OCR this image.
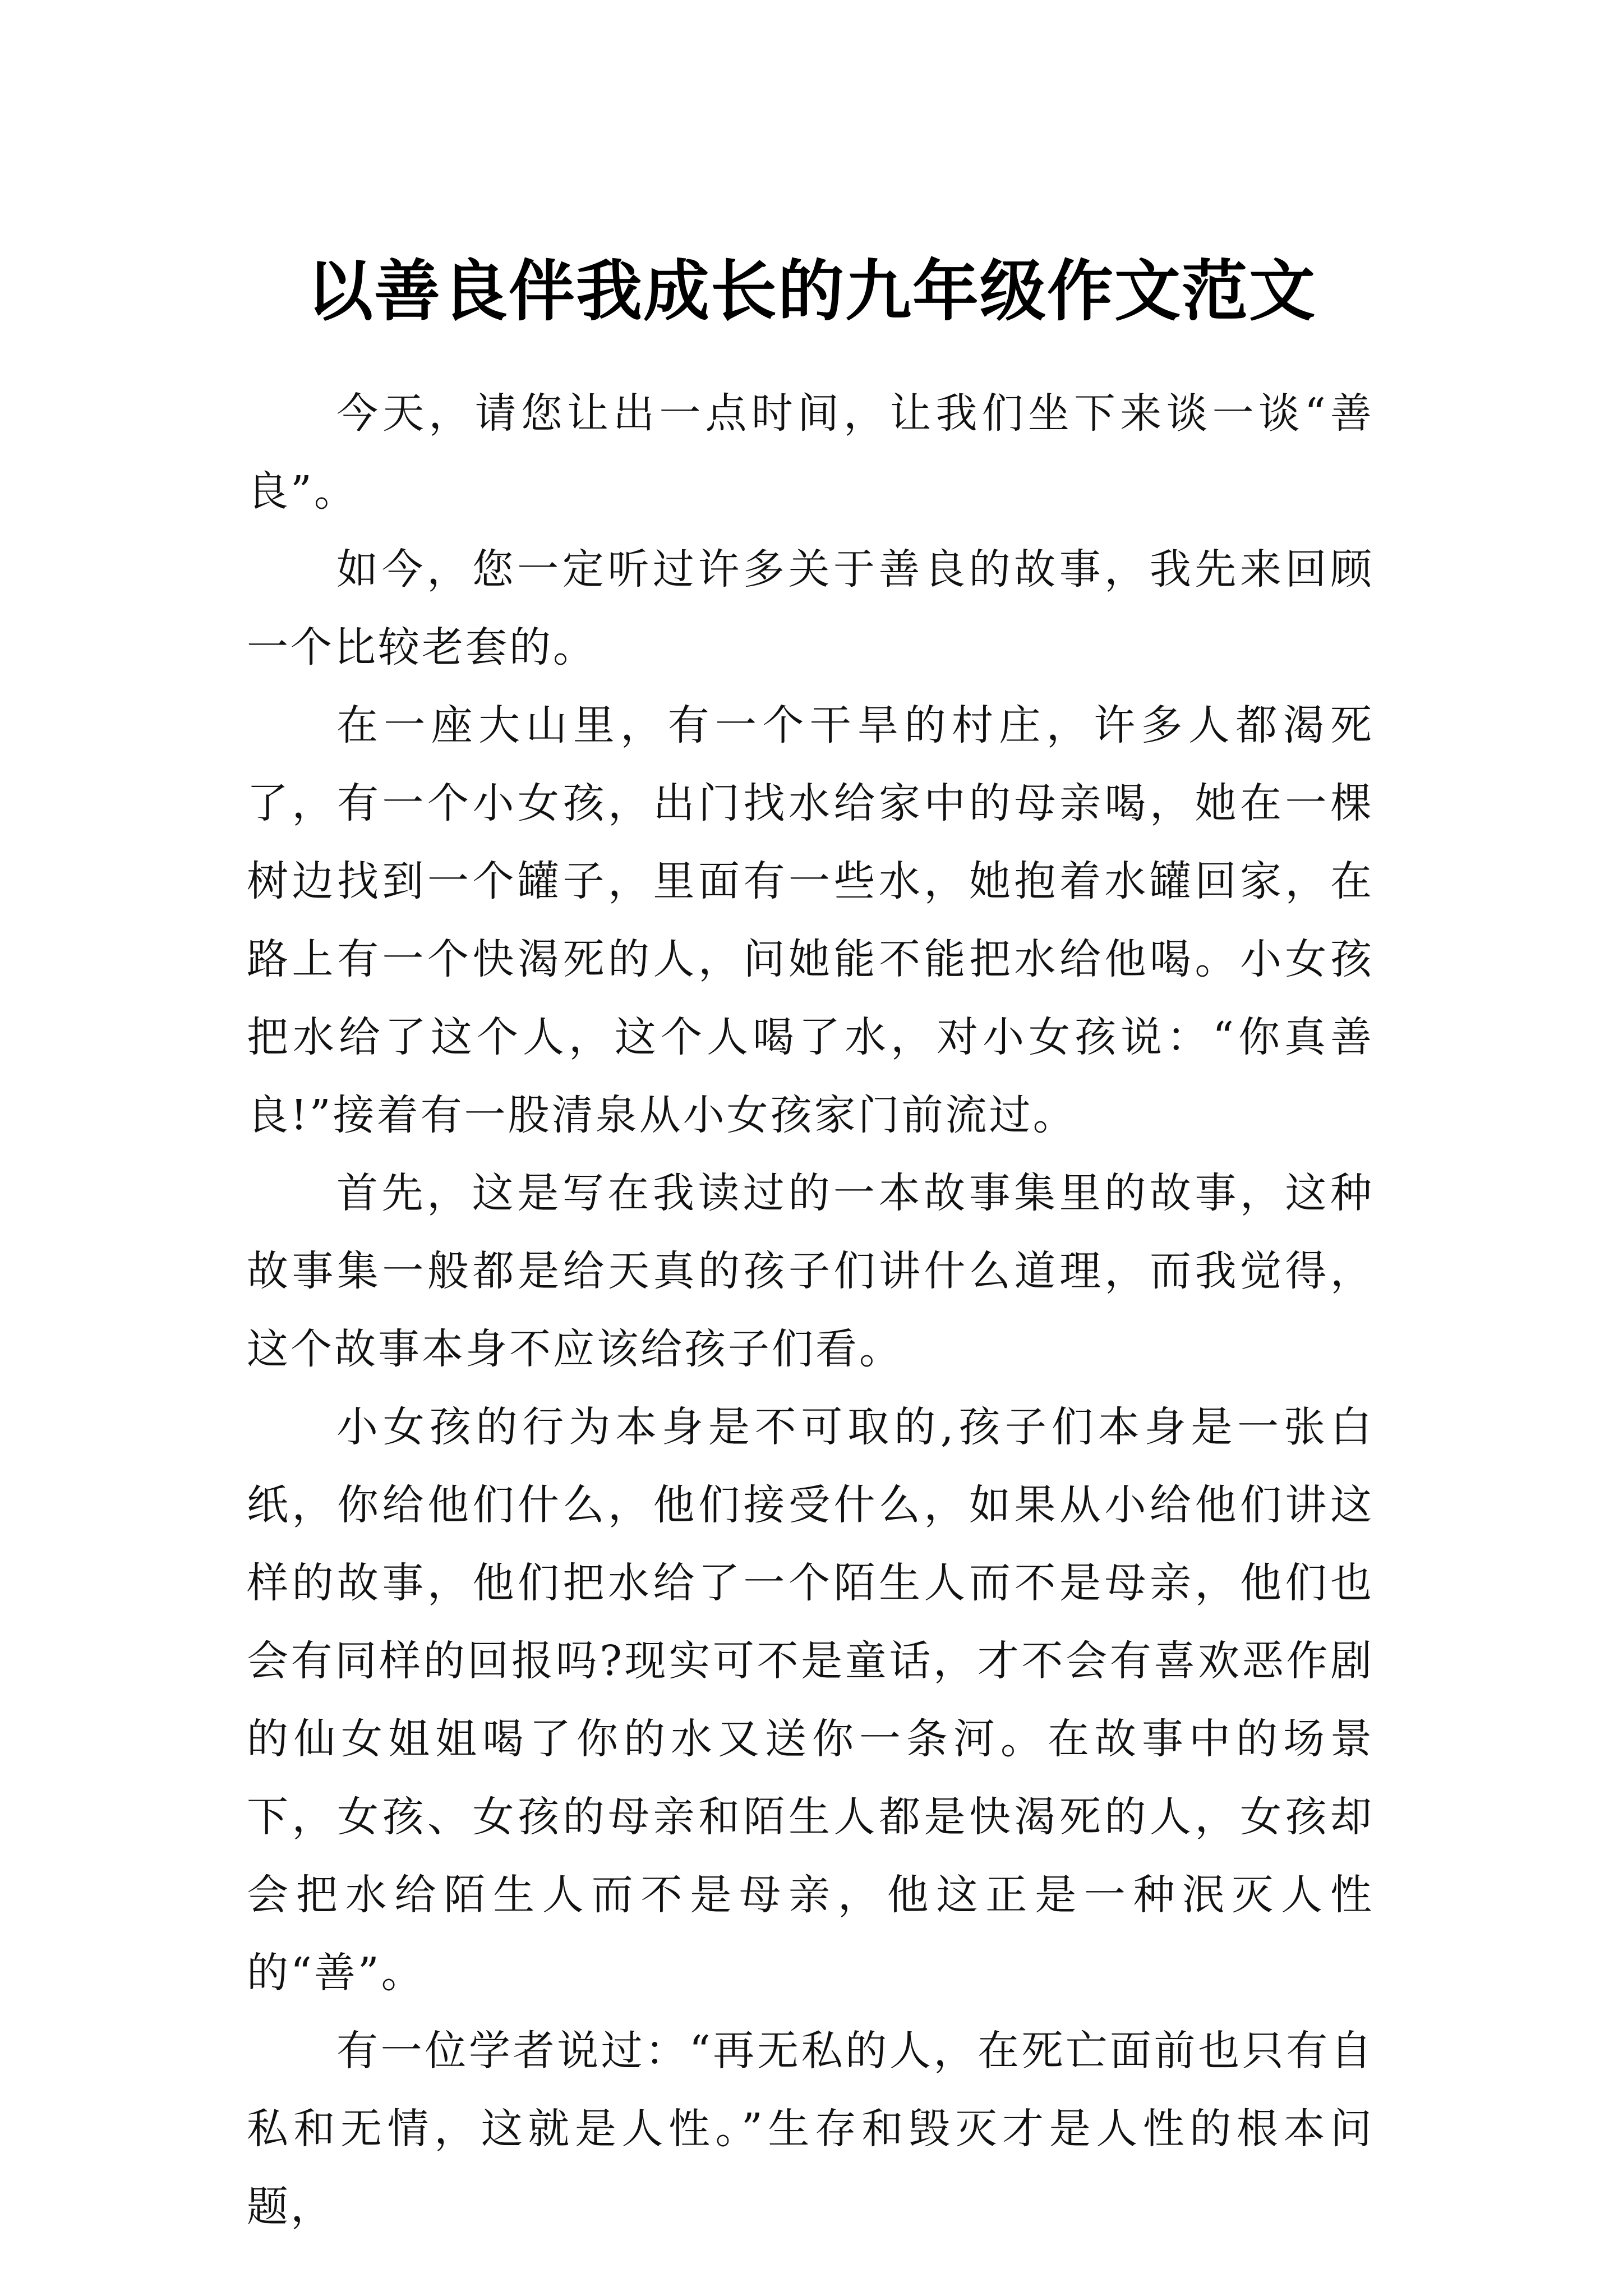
以善良伴我成长的九年级作文范文

今天，请您让出一点时间，让我们坐下来谈一谈“善良”。

如今，您一定听过许多关于善良的故事，我先来回顾一个比较老套的。

在一座大山里，有一个干旱的村庄，许多人都渴死了，有一个小女孩，出门找水给家中的母亲喝，她在一棵树边找到一个罐子，里面有一些水，她抱着水罐回家，在路上有一个快渴死的人，问她能不能把水给他喝。小女孩把水给了这个人，这个人喝了水，对小女孩说：“你真善良!”接着有一股清泉从小女孩家门前流过。

首先，这是写在我读过的一本故事集里的故事，这种故事集一般都是给天真的孩子们讲什么道理，而我觉得，这个故事本身不应该给孩子们看。

小女孩的行为本身是不可取的,孩子们本身是一张白纸，你给他们什么，他们接受什么，如果从小给他们讲这样的故事，他们把水给了一个陌生人而不是母亲，他们也会有同样的回报吗?现实可不是童话，才不会有喜欢恶作剧的仙女姐姐喝了你的水又送你一条河。在故事中的场景下，女孩、女孩的母亲和陌生人都是快渴死的人，女孩却会把水给陌生人而不是母亲，他这正是一种泯灭人性的“善”。

有一位学者说过：“再无私的人，在死亡面前也只有自私和无情，这就是人性。”生存和毁灭才是人性的根本问题，
